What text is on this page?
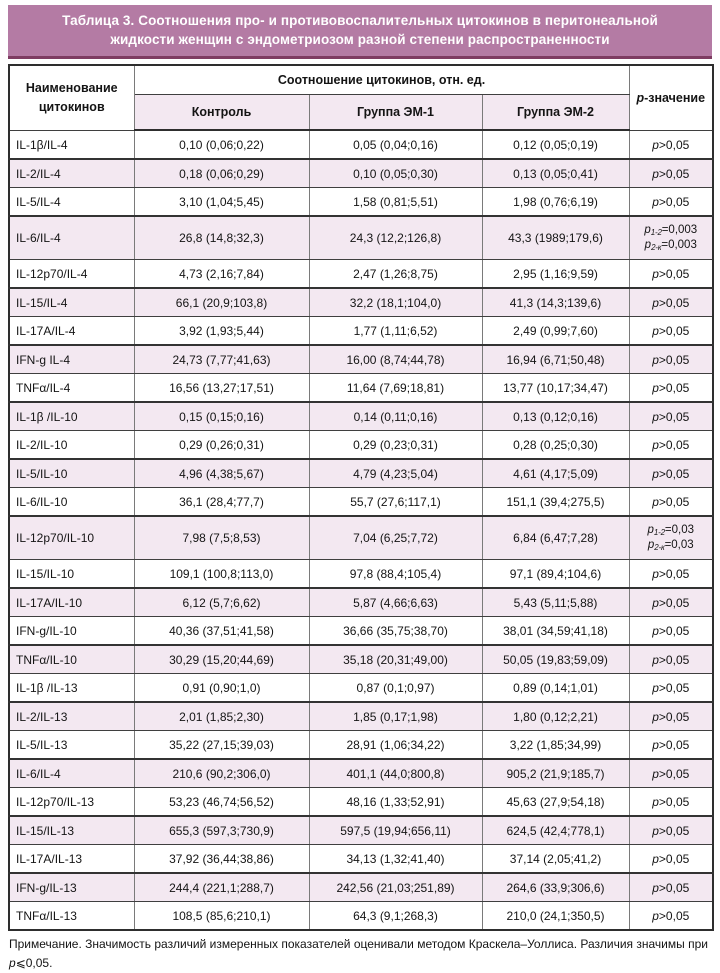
Таблица 3. Соотношения про- и противовоспалительных цитокинов в перитонеальной жидкости женщин с эндометриозом разной степени распространенности
Наименование цитокинов	Соотношение цитокинов, отн. ед.			p-значение
	Контроль	Группа ЭМ-1	Группа ЭМ-2	
IL-1β/IL-4	0,10 (0,06;0,22)	0,05 (0,04;0,16)	0,12 (0,05;0,19)	p>0,05
IL-2/IL-4	0,18 (0,06;0,29)	0,10 (0,05;0,30)	0,13 (0,05;0,41)	p>0,05
IL-5/IL-4	3,10 (1,04;5,45)	1,58 (0,81;5,51)	1,98 (0,76;6,19)	p>0,05
IL-6/IL-4	26,8 (14,8;32,3)	24,3 (12,2;126,8)	43,3 (1989;179,6)	$p_{1-2}=0,003$
$p_{2-к}=0,003$

IL-12p70/IL-4	4,73 (2,16;7,84)	2,47 (1,26;8,75)	2,95 (1,16;9,59)	p>0,05
IL-15/IL-4	66,1 (20,9;103,8)	32,2 (18,1;104,0)	41,3 (14,3;139,6)	p>0,05
IL-17A/IL-4	3,92 (1,93;5,44)	1,77 (1,11;6,52)	2,49 (0,99;7,60)	p>0,05
IFN-g IL-4	24,73 (7,77;41,63)	16,00 (8,74;44,78)	16,94 (6,71;50,48)	p>0,05
TNFα/IL-4	16,56 (13,27;17,51)	11,64 (7,69;18,81)	13,77 (10,17;34,47)	p>0,05
IL-1β /IL-10	0,15 (0,15;0,16)	0,14 (0,11;0,16)	0,13 (0,12;0,16)	p>0,05
IL-2/IL-10	0,29 (0,26;0,31)	0,29 (0,23;0,31)	0,28 (0,25;0,30)	p>0,05
IL-5/IL-10	4,96 (4,38;5,67)	4,79 (4,23;5,04)	4,61 (4,17;5,09)	p>0,05
IL-6/IL-10	36,1 (28,4;77,7)	55,7 (27,6;117,1)	151,1 (39,4;275,5)	p>0,05
IL-12p70/IL-10	7,98 (7,5;8,53)	7,04 (6,25;7,72)	6,84 (6,47;7,28)	$p_{1-2}=0,03$
$p_{2-к}=0,03$

IL-15/IL-10	109,1 (100,8;113,0)	97,8 (88,4;105,4)	97,1 (89,4;104,6)	p>0,05
IL-17A/IL-10	6,12 (5,7;6,62)	5,87 (4,66;6,63)	5,43 (5,11;5,88)	p>0,05
IFN-g/IL-10	40,36 (37,51;41,58)	36,66 (35,75;38,70)	38,01 (34,59;41,18)	p>0,05
TNFα/IL-10	30,29 (15,20;44,69)	35,18 (20,31;49,00)	50,05 (19,83;59,09)	p>0,05
IL-1β /IL-13	0,91 (0,90;1,0)	0,87 (0,1;0,97)	0,89 (0,14;1,01)	p>0,05
IL-2/IL-13	2,01 (1,85;2,30)	1,85 (0,17;1,98)	1,80 (0,12;2,21)	p>0,05
IL-5/IL-13	35,22 (27,15;39,03)	28,91 (1,06;34,22)	3,22 (1,85;34,99)	p>0,05
IL-6/IL-4	210,6 (90,2;306,0)	401,1 (44,0;800,8)	905,2 (21,9;185,7)	p>0,05
IL-12p70/IL-13	53,23 (46,74;56,52)	48,16 (1,33;52,91)	45,63 (27,9;54,18)	p>0,05
IL-15/IL-13	655,3 (597,3;730,9)	597,5 (19,94;656,11)	624,5 (42,4;778,1)	p>0,05
IL-17A/IL-13	37,92 (36,44;38,86)	34,13 (1,32;41,40)	37,14 (2,05;41,2)	p>0,05
IFN-g/IL-13	244,4 (221,1;288,7)	242,56 (21,03;251,89)	264,6 (33,9;306,6)	p>0,05
TNFα/IL-13	108,5 (85,6;210,1)	64,3 (9,1;268,3)	210,0 (24,1;350,5)	p>0,05
Примечание. Значимость различий измеренных показателей оценивали методом Краскела–Уоллиса. Различия значимы при
p⩽0,05.
